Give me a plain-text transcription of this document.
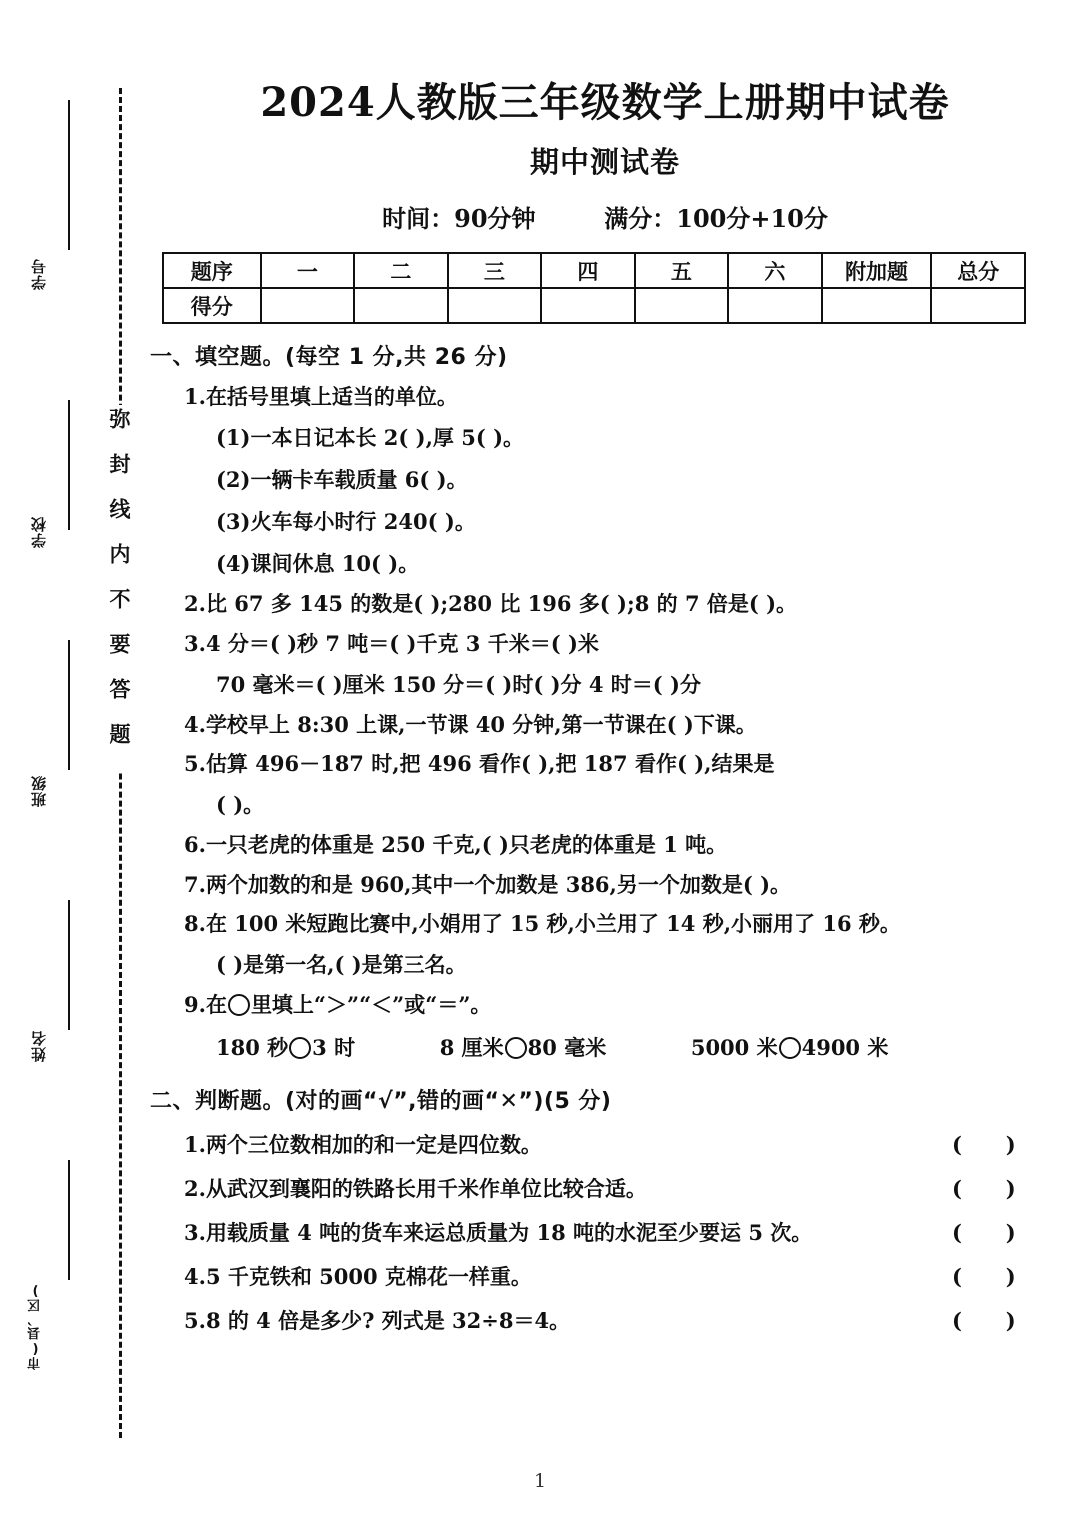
学号
学校
班级
姓名
市(县、区)
弥封线内不要答题
2024人教版三年级数学上册期中试卷
期中测试卷
时间：90分钟	满分：100分+10分
题序	一	二	三	四	五	六	附加题	总分
得分								
一、填空题。(每空 1 分,共 26 分)
1.在括号里填上适当的单位。
(1)一本日记本长 2( ),厚 5( )。
(2)一辆卡车载质量 6( )。
(3)火车每小时行 240( )。
(4)课间休息 10( )。
2.比 67 多 145 的数是( );280 比 196 多( );8 的 7 倍是( )。
3.4 分＝( )秒 7 吨＝( )千克 3 千米＝( )米
70 毫米＝( )厘米 150 分＝( )时( )分 4 时＝( )分
4.学校早上 8:30 上课,一节课 40 分钟,第一节课在( )下课。
5.估算 496－187 时,把 496 看作( ),把 187 看作( ),结果是
( )。
6.一只老虎的体重是 250 千克,( )只老虎的体重是 1 吨。
7.两个加数的和是 960,其中一个加数是 386,另一个加数是( )。
8.在 100 米短跑比赛中,小娟用了 15 秒,小兰用了 14 秒,小丽用了 16 秒。
( )是第一名,( )是第三名。
9.在 里填上“＞”“＜”或“＝”。
180 秒 3 时	8 厘米 80 毫米	5000 米 4900 米
二、判断题。(对的画“√”,错的画“✕”)(5 分)
1.两个三位数相加的和一定是四位数。	(      )
2.从武汉到襄阳的铁路长用千米作单位比较合适。	(      )
3.用载质量 4 吨的货车来运总质量为 18 吨的水泥至少要运 5 次。	(      )
4.5 千克铁和 5000 克棉花一样重。	(      )
5.8 的 4 倍是多少? 列式是 32÷8＝4。	(      )
1
